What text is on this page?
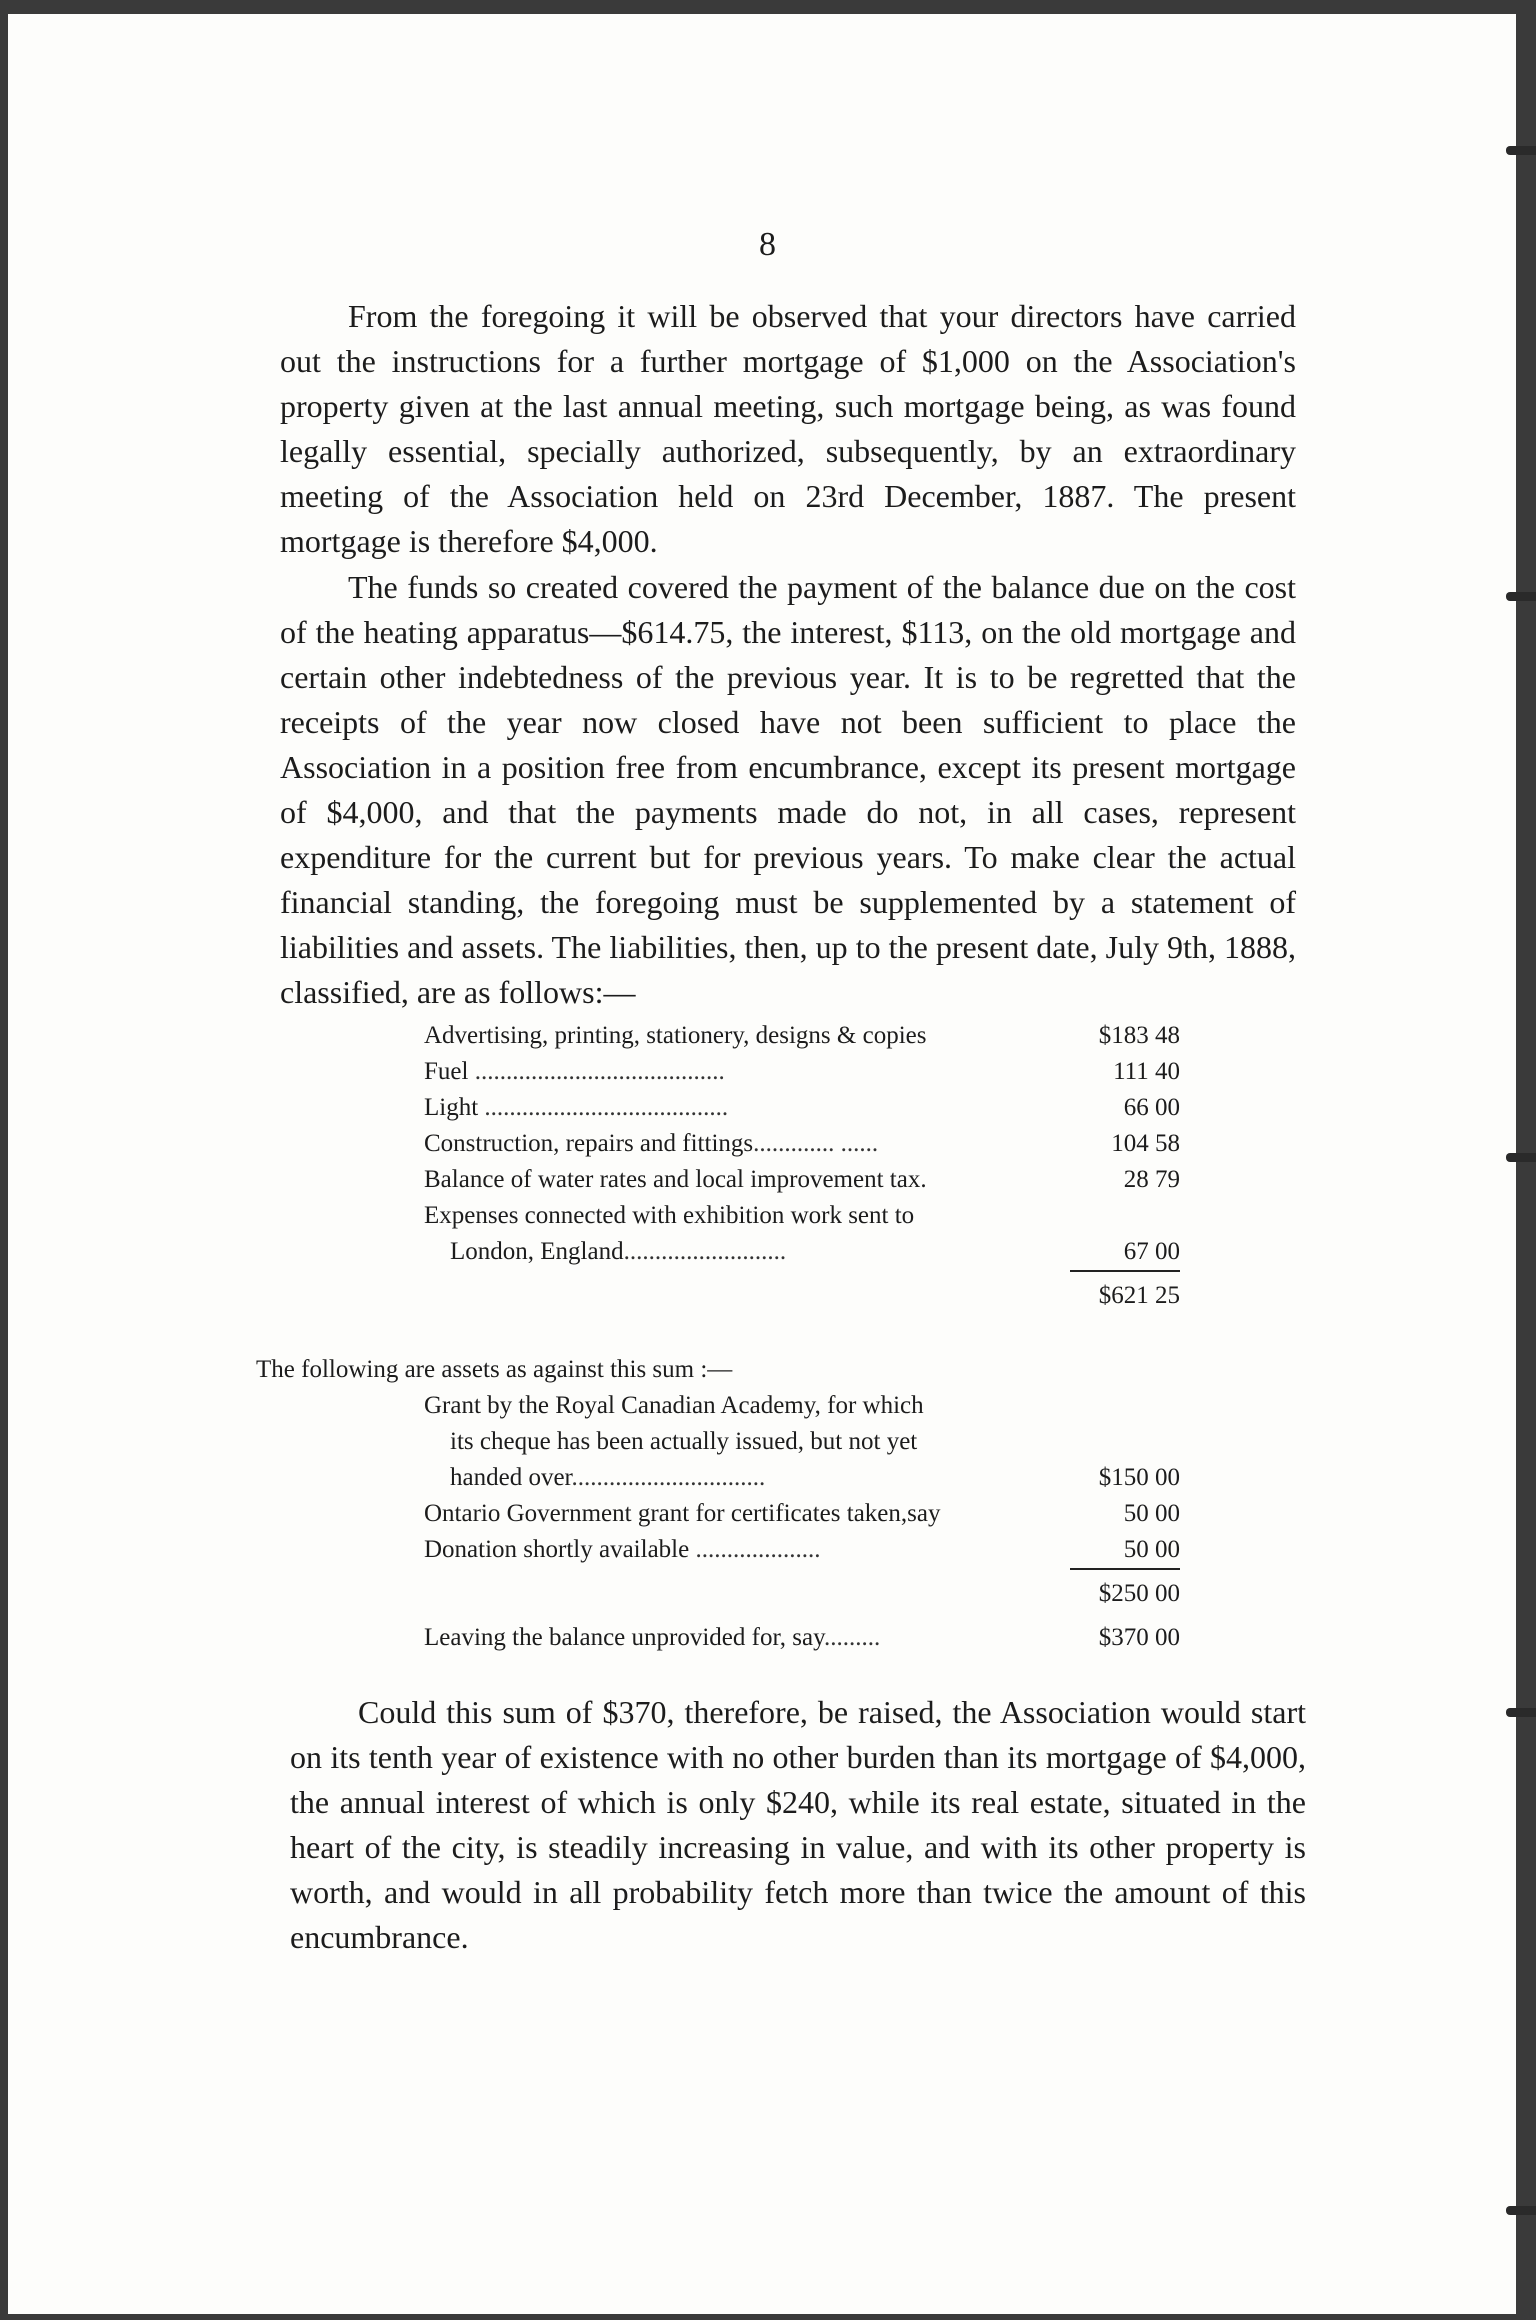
8

From the foregoing it will be observed that your directors have carried out the instructions for a further mortgage of $1,000 on the Association's property given at the last annual meeting, such mortgage being, as was found legally essential, specially authorized, subsequently, by an extraordinary meeting of the Association held on 23rd December, 1887. The present mortgage is therefore $4,000.

The funds so created covered the payment of the balance due on the cost of the heating apparatus—$614.75, the interest, $113, on the old mortgage and certain other indebtedness of the previous year. It is to be regretted that the receipts of the year now closed have not been sufficient to place the Association in a position free from encumbrance, except its present mortgage of $4,000, and that the payments made do not, in all cases, represent expenditure for the current but for previous years. To make clear the actual financial standing, the foregoing must be supplemented by a statement of liabilities and assets. The liabilities, then, up to the present date, July 9th, 1888, classified, are as follows:—

Advertising, printing, stationery, designs & copies	$183 48
Fuel ........................................	111 40
Light .......................................	66 00
Construction, repairs and fittings............. ......	104 58
Balance of water rates and local improvement tax.	28 79
Expenses connected with exhibition work sent to
London, England..........................	67 00
$621 25
The following are assets as against this sum :—
Grant by the Royal Canadian Academy, for which
its cheque has been actually issued, but not yet
handed over...............................	$150 00
Ontario Government grant for certificates taken,say	50 00
Donation shortly available ....................	50 00
$250 00
Leaving the balance unprovided for, say.........	$370 00

Could this sum of $370, therefore, be raised, the Association would start on its tenth year of existence with no other burden than its mortgage of $4,000, the annual interest of which is only $240, while its real estate, situated in the heart of the city, is steadily increasing in value, and with its other property is worth, and would in all probability fetch more than twice the amount of this encumbrance.
